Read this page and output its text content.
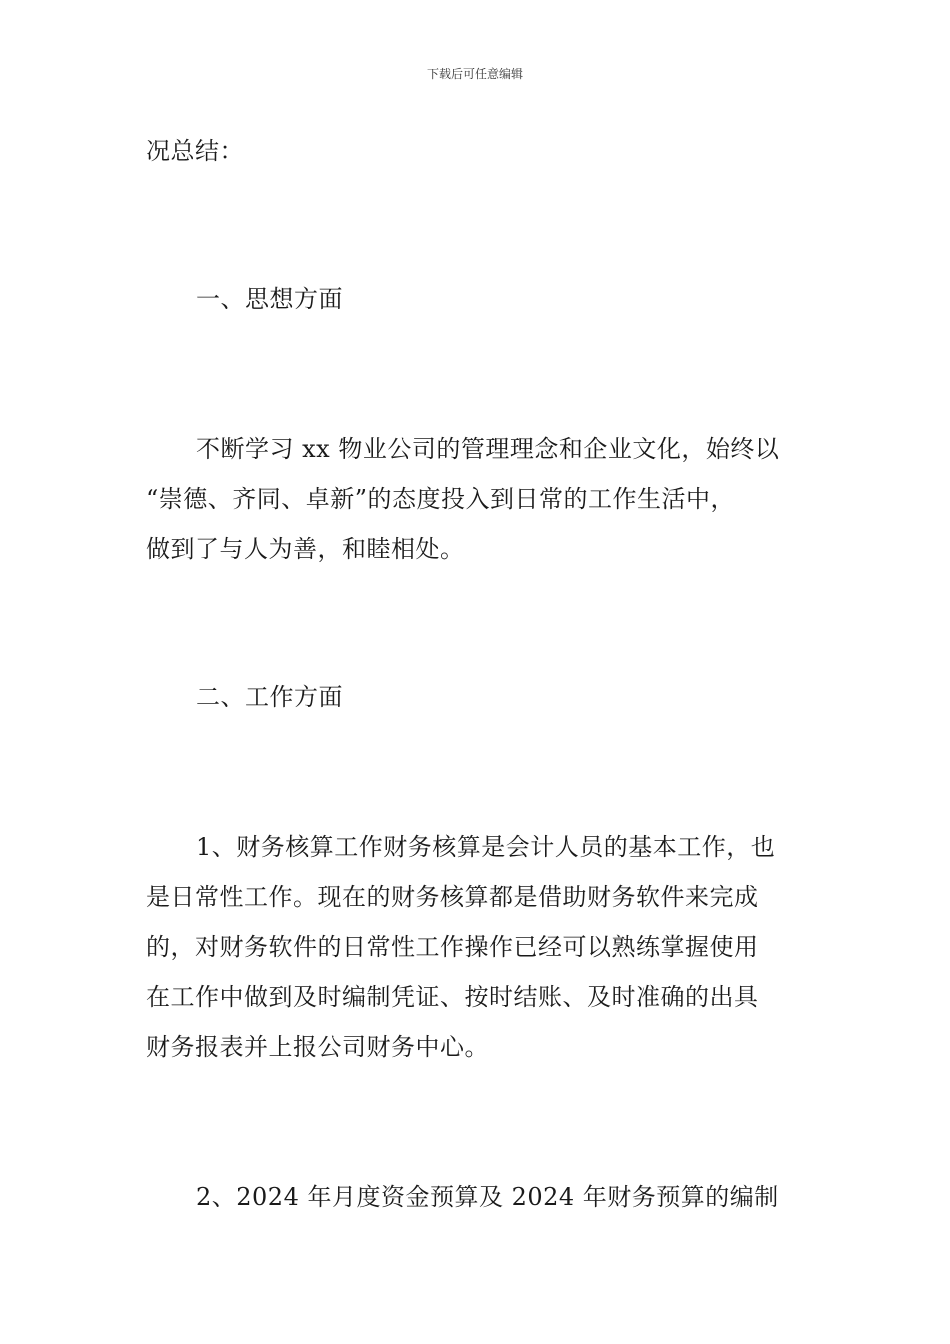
下载后可任意编辑
况总结：
一、思想方面
不断学习 xx 物业公司的管理理念和企业文化，始终以
“崇德、齐同、卓新”的态度投入到日常的工作生活中，
做到了与人为善，和睦相处。
二、工作方面
1、财务核算工作财务核算是会计人员的基本工作，也
是日常性工作。现在的财务核算都是借助财务软件来完成
的，对财务软件的日常性工作操作已经可以熟练掌握使用
在工作中做到及时编制凭证、按时结账、及时准确的出具
财务报表并上报公司财务中心。
2、2024 年月度资金预算及 2024 年财务预算的编制
